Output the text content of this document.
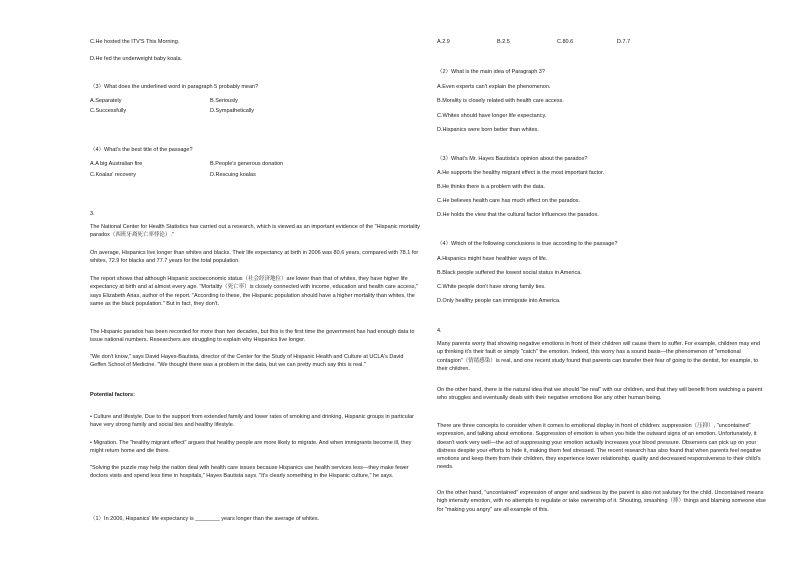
C.He hosted the ITV'S This Morning.
D.He fed the underweight baby koala.
（3）What does the underlined word in paragraph 5 probably mean?
A.Separately	B.Seriously
C.Successfully	D.Sympathetically
（4）What's the best title of the passage?
A.A big Australian fire	B.People's generous donation
C.Koalas' recovery	D.Rescuing koalas
3.
The National Center for Health Statistics has carried out a research, which is viewed as an important evidence of the "Hispanic mortality paradox（西班牙裔死亡率悖论）."
On average, Hispanics live longer than whites and blacks. Their life expectancy at birth in 2006 was 80.6 years, compared with 78.1 for whites, 72.9 for blacks and 77.7 years for the total population.
The report shows that although Hispanic socioeconomic status（社会经济地位）are lower than that of whites, they have higher life expectancy at birth and at almost every age. "Mortality（死亡率）is closely connected with income, education and health care access," says Elizabeth Arias, author of the report. "According to these, the Hispanic population should have a higher mortality than whites, the same as the black population." But in fact, they don't.
The Hispanic paradox has been recorded for more than two decades, but this is the first time the government has had enough data to issue national numbers. Researchers are struggling to explain why Hispanics live longer.
"We don't know," says David Hayes-Bautista, director of the Center for the Study of Hispanic Health and Culture at UCLA's David Geffen School of Medicine. "We thought there was a problem in the data, but we can pretty much say this is real."
Potential factors:
• Culture and lifestyle. Due to the support from extended family and lower rates of smoking and drinking, Hispanic groups in particular have very strong family and social ties and healthy lifestyle.
• Migration. The "healthy migrant effect" argues that healthy people are more likely to migrate. And when immigrants become ill, they might return home and die there.
"Solving the puzzle may help the nation deal with health care issues because Hispanics use health services less—they make fewer doctors visits and spend less time in hospitals," Hayes Bautista says. "It's clearly something in the Hispanic culture," he says.
（1）In 2006, Hispanics' life expectancy is ________ years longer than the average of whites.
A.2.9	B.2.5	C.80.6	D.7.7
（2）What is the main idea of Paragraph 3?
A.Even experts can't explain the phenomenon.
B.Morality is closely related with health care access.
C.Whites should have longer life expectancy.
D.Hispanics were born better than whites.
（3）What's Mr. Hayes Bautista's opinion about the paradox?
A.He supports the healthy migrant effect is the most important factor.
B.He thinks there is a problem with the data.
C.He believes health care has much effect on the paradox.
D.He holds the view that the cultural factor influences the paradox.
（4）Which of the following conclusions is true according to the passage?
A.Hispanics might have healthier ways of life.
B.Black people suffered the lowest social status in America.
C.White people don't have strong family ties.
D.Only healthy people can immigrate into America.
4.
Many parents worry that showing negative emotions in front of their children will cause them to suffer. For example, children may end up thinking it's their fault or simply "catch" the emotion. Indeed, this worry has a sound basis—the phenomenon of "emotional contagion"（情绪感染）is real, and one recent study found that parents can transfer their fear of going to the dentist, for example, to their children.
On the other hand, there is the natural idea that we should "be real" with our children, and that they will benefit from watching a parent who struggles and eventually deals with their negative emotions like any other human being.
There are three concepts to consider when it comes to emotional display in front of children: suppression（压抑）, "uncontained" expression, and talking about emotions. Suppression of emotion is when you hide the outward signs of an emotion. Unfortunately, it doesn't work very well—the act of suppressing your emotion actually increases your blood pressure. Observers can pick up on your distress despite your efforts to hide it, making them feel stressed. The recent research has also found that when parents feel negative emotions and keep them from their children, they experience lower relationship. quality and decreased responsiveness to their child's needs.
On the other hand, "uncontained" expression of anger and sadness by the parent is also not salutary for the child. Uncontained means high intensity emotion, with no attempts to regulate or take ownership of it. Shouting, smashing（摔）things and blaming someone else for "making you angry" are all example of this.
